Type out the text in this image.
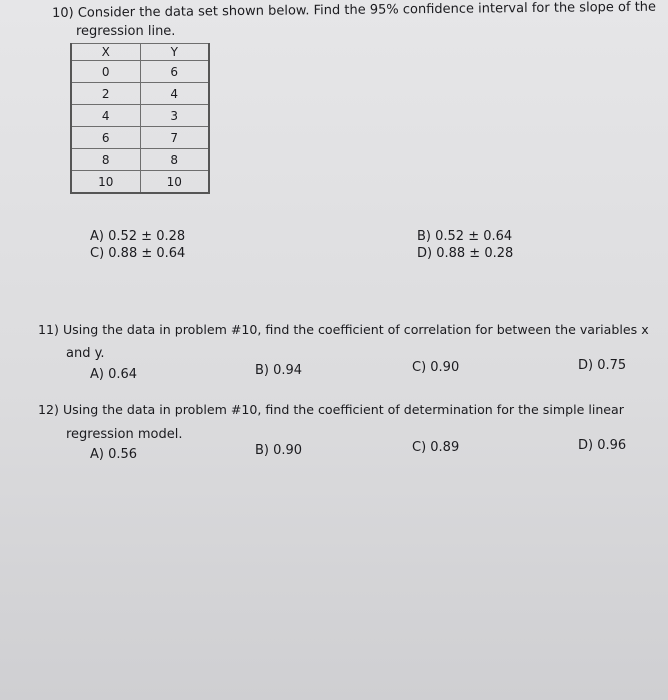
10) Consider the data set shown below. Find the 95% confidence interval for the slope of the
regression line.
X	Y
0	6
2	4
4	3
6	7
8	8
10	10
A) 0.52 ± 0.28	B) 0.52 ± 0.64
C) 0.88 ± 0.64	D) 0.88 ± 0.28
11) Using the data in problem #10, find the coefficient of correlation for between the variables x
and y.
A) 0.64	B) 0.94	C) 0.90	D) 0.75
12) Using the data in problem #10, find the coefficient of determination for the simple linear
regression model.
A) 0.56	B) 0.90	C) 0.89	D) 0.96
